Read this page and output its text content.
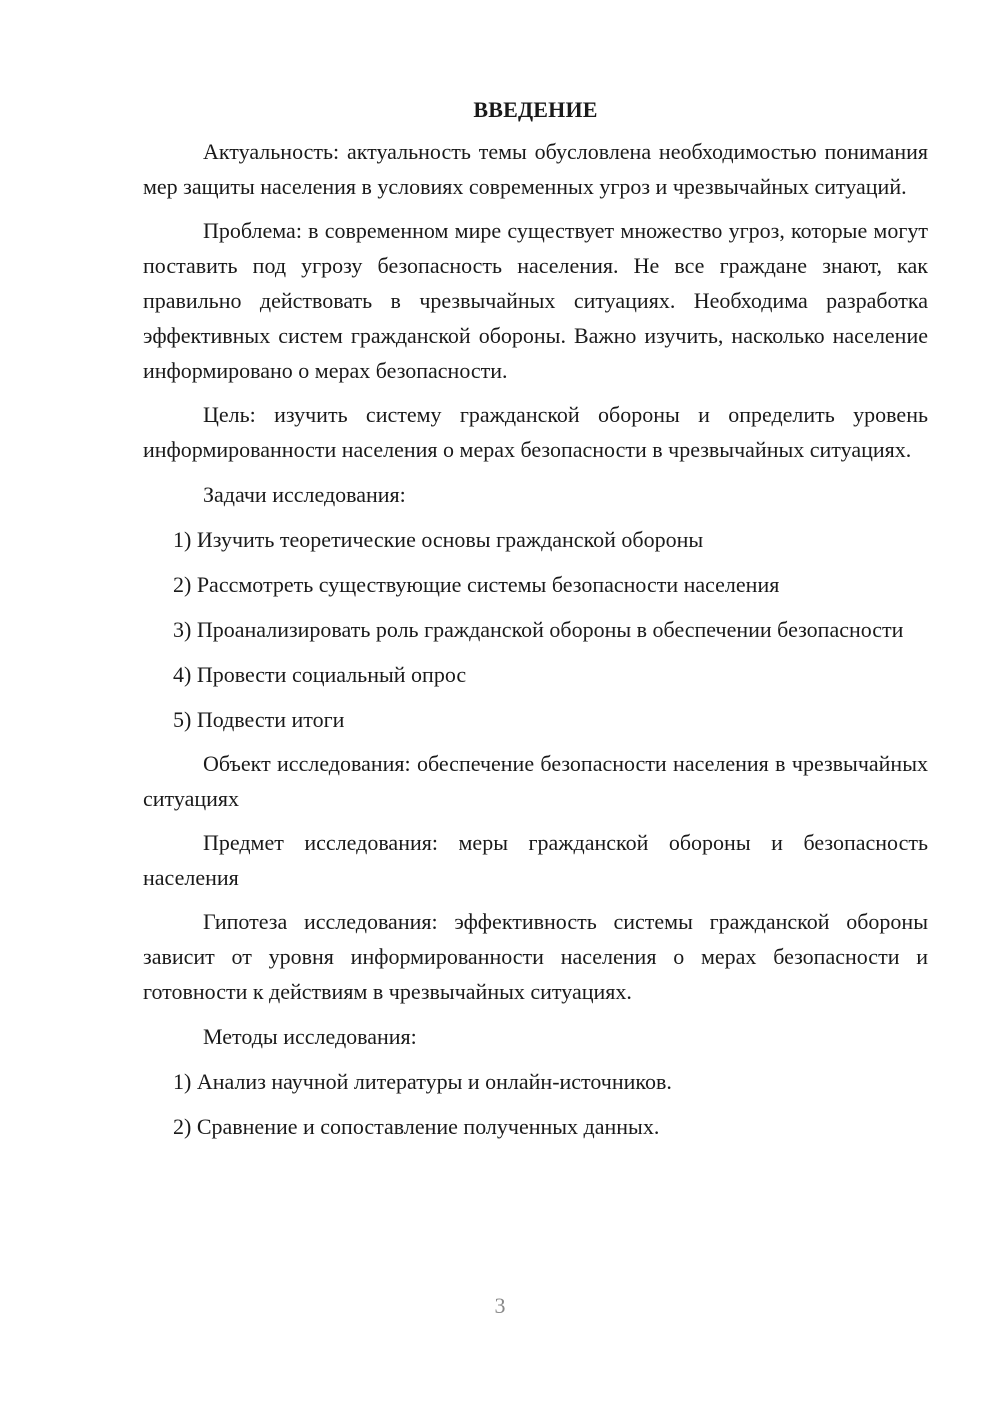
ВВЕДЕНИЕ

Актуальность: актуальность темы обусловлена необходимостью понимания мер защиты населения в условиях современных угроз и чрезвычайных ситуаций.

Проблема: в современном мире существует множество угроз, которые могут поставить под угрозу безопасность населения. Не все граждане знают, как правильно действовать в чрезвычайных ситуациях. Необходима разработка эффективных систем гражданской обороны. Важно изучить, насколько население информировано о мерах безопасности.

Цель: изучить систему гражданской обороны и определить уровень информированности населения о мерах безопасности в чрезвычайных ситуациях.

Задачи исследования:

1) Изучить теоретические основы гражданской обороны

2) Рассмотреть существующие системы безопасности населения

3) Проанализировать роль гражданской обороны в обеспечении безопасности

4) Провести социальный опрос

5) Подвести итоги

Объект исследования: обеспечение безопасности населения в чрезвычайных ситуациях

Предмет исследования: меры гражданской обороны и безопасность населения

Гипотеза исследования: эффективность системы гражданской обороны зависит от уровня информированности населения о мерах безопасности и готовности к действиям в чрезвычайных ситуациях.

Методы исследования:

1) Анализ научной литературы и онлайн-источников.

2) Сравнение и сопоставление полученных данных.

3
